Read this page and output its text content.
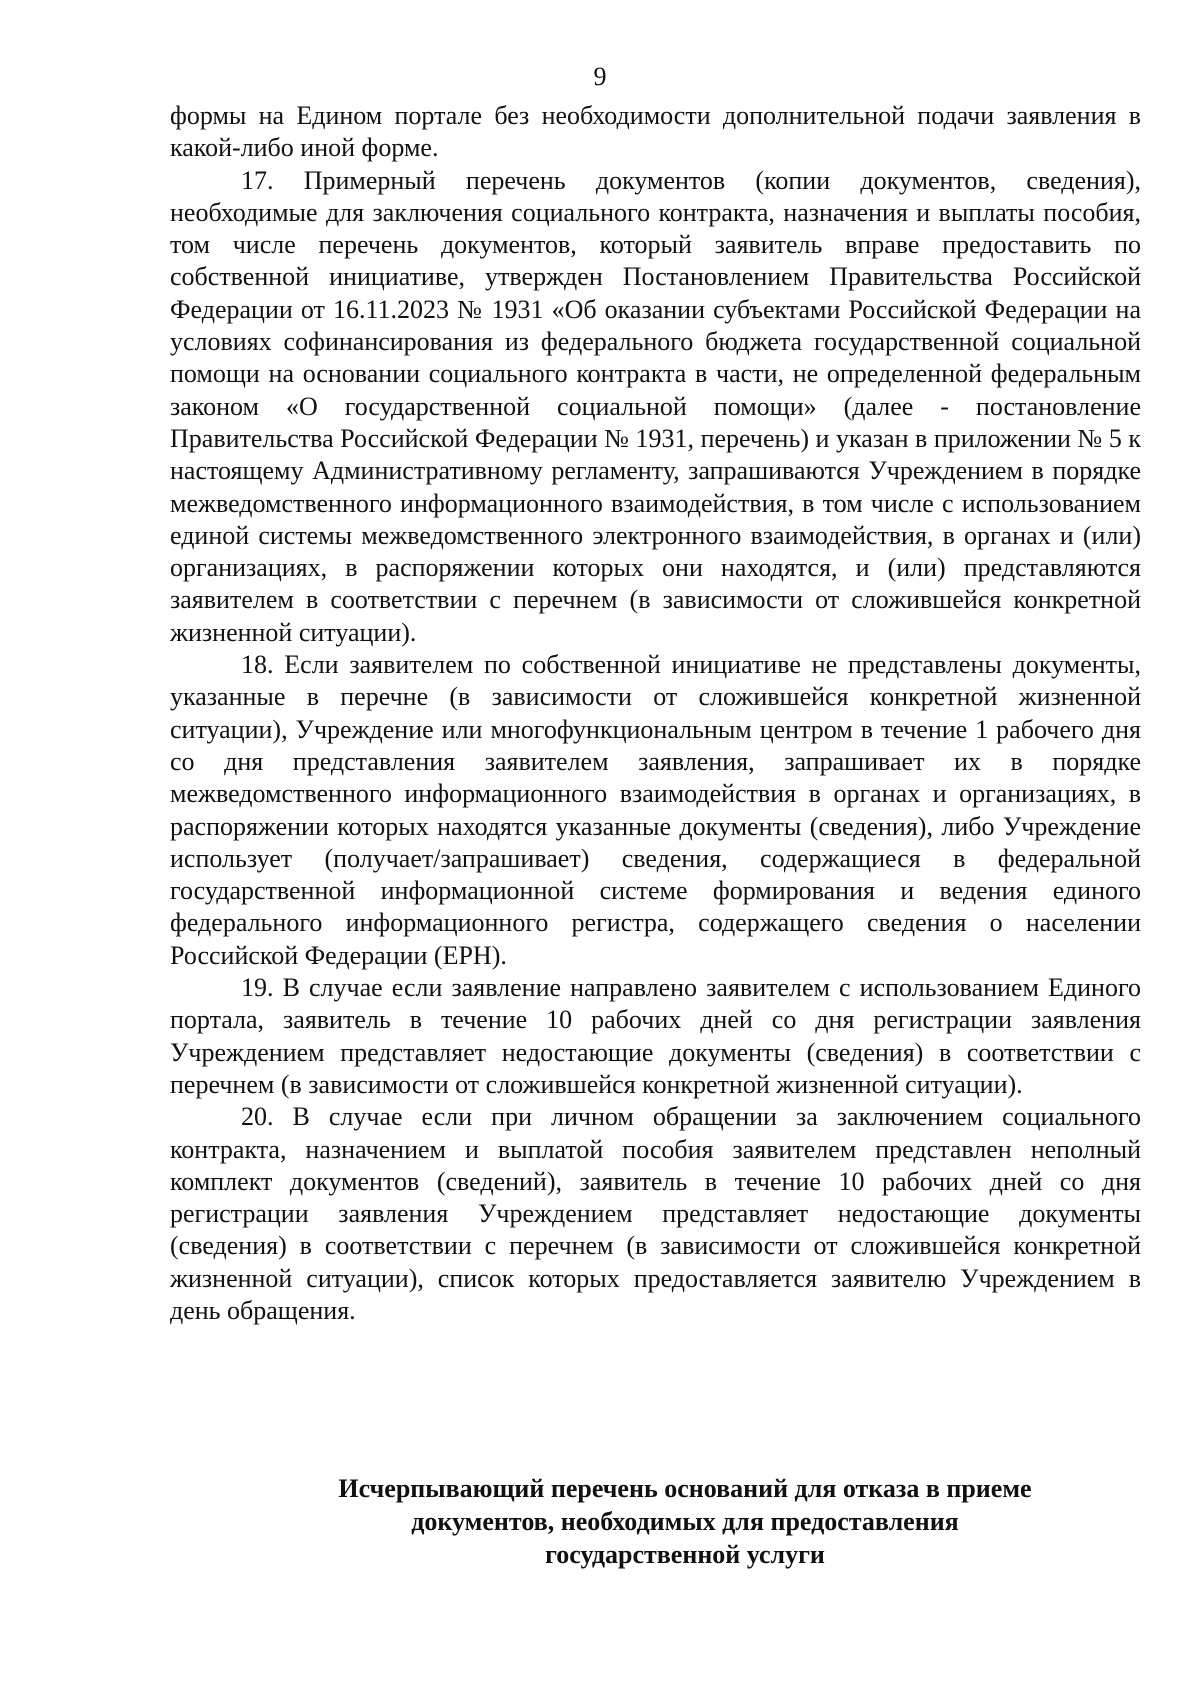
9

формы на Едином портале без необходимости дополнительной подачи заявления в какой-либо иной форме.

17. Примерный перечень документов (копии документов, сведения), необходимые для заключения социального контракта, назначения и выплаты пособия, том числе перечень документов, который заявитель вправе предоставить по собственной инициативе, утвержден Постановлением Правительства Российской Федерации от 16.11.2023 № 1931 «Об оказании субъектами Российской Федерации на условиях софинансирования из федерального бюджета государственной социальной помощи на основании социального контракта в части, не определенной федеральным законом «О государственной социальной помощи» (далее - постановление Правительства Российской Федерации № 1931, перечень) и указан в приложении № 5 к настоящему Административному регламенту, запрашиваются Учреждением в порядке межведомственного информационного взаимодействия, в том числе с использованием единой системы межведомственного электронного взаимодействия, в органах и (или) организациях, в распоряжении которых они находятся, и (или) представляются заявителем в соответствии с перечнем (в зависимости от сложившейся конкретной жизненной ситуации).

18. Если заявителем по собственной инициативе не представлены документы, указанные в перечне (в зависимости от сложившейся конкретной жизненной ситуации), Учреждение или многофункциональным центром в течение 1 рабочего дня со дня представления заявителем заявления, запрашивает их в порядке межведомственного информационного взаимодействия в органах и организациях, в распоряжении которых находятся указанные документы (сведения), либо Учреждение использует (получает/запрашивает) сведения, содержащиеся в федеральной государственной информационной системе формирования и ведения единого федерального информационного регистра, содержащего сведения о населении Российской Федерации (ЕРН).

19. В случае если заявление направлено заявителем с использованием Единого портала, заявитель в течение 10 рабочих дней со дня регистрации заявления Учреждением представляет недостающие документы (сведения) в соответствии с перечнем (в зависимости от сложившейся конкретной жизненной ситуации).

20. В случае если при личном обращении за заключением социального контракта, назначением и выплатой пособия заявителем представлен неполный комплект документов (сведений), заявитель в течение 10 рабочих дней со дня регистрации заявления Учреждением представляет недостающие документы (сведения) в соответствии с перечнем (в зависимости от сложившейся конкретной жизненной ситуации), список которых предоставляется заявителю Учреждением в день обращения.

Исчерпывающий перечень оснований для отказа в приеме
документов, необходимых для предоставления
государственной услуги
